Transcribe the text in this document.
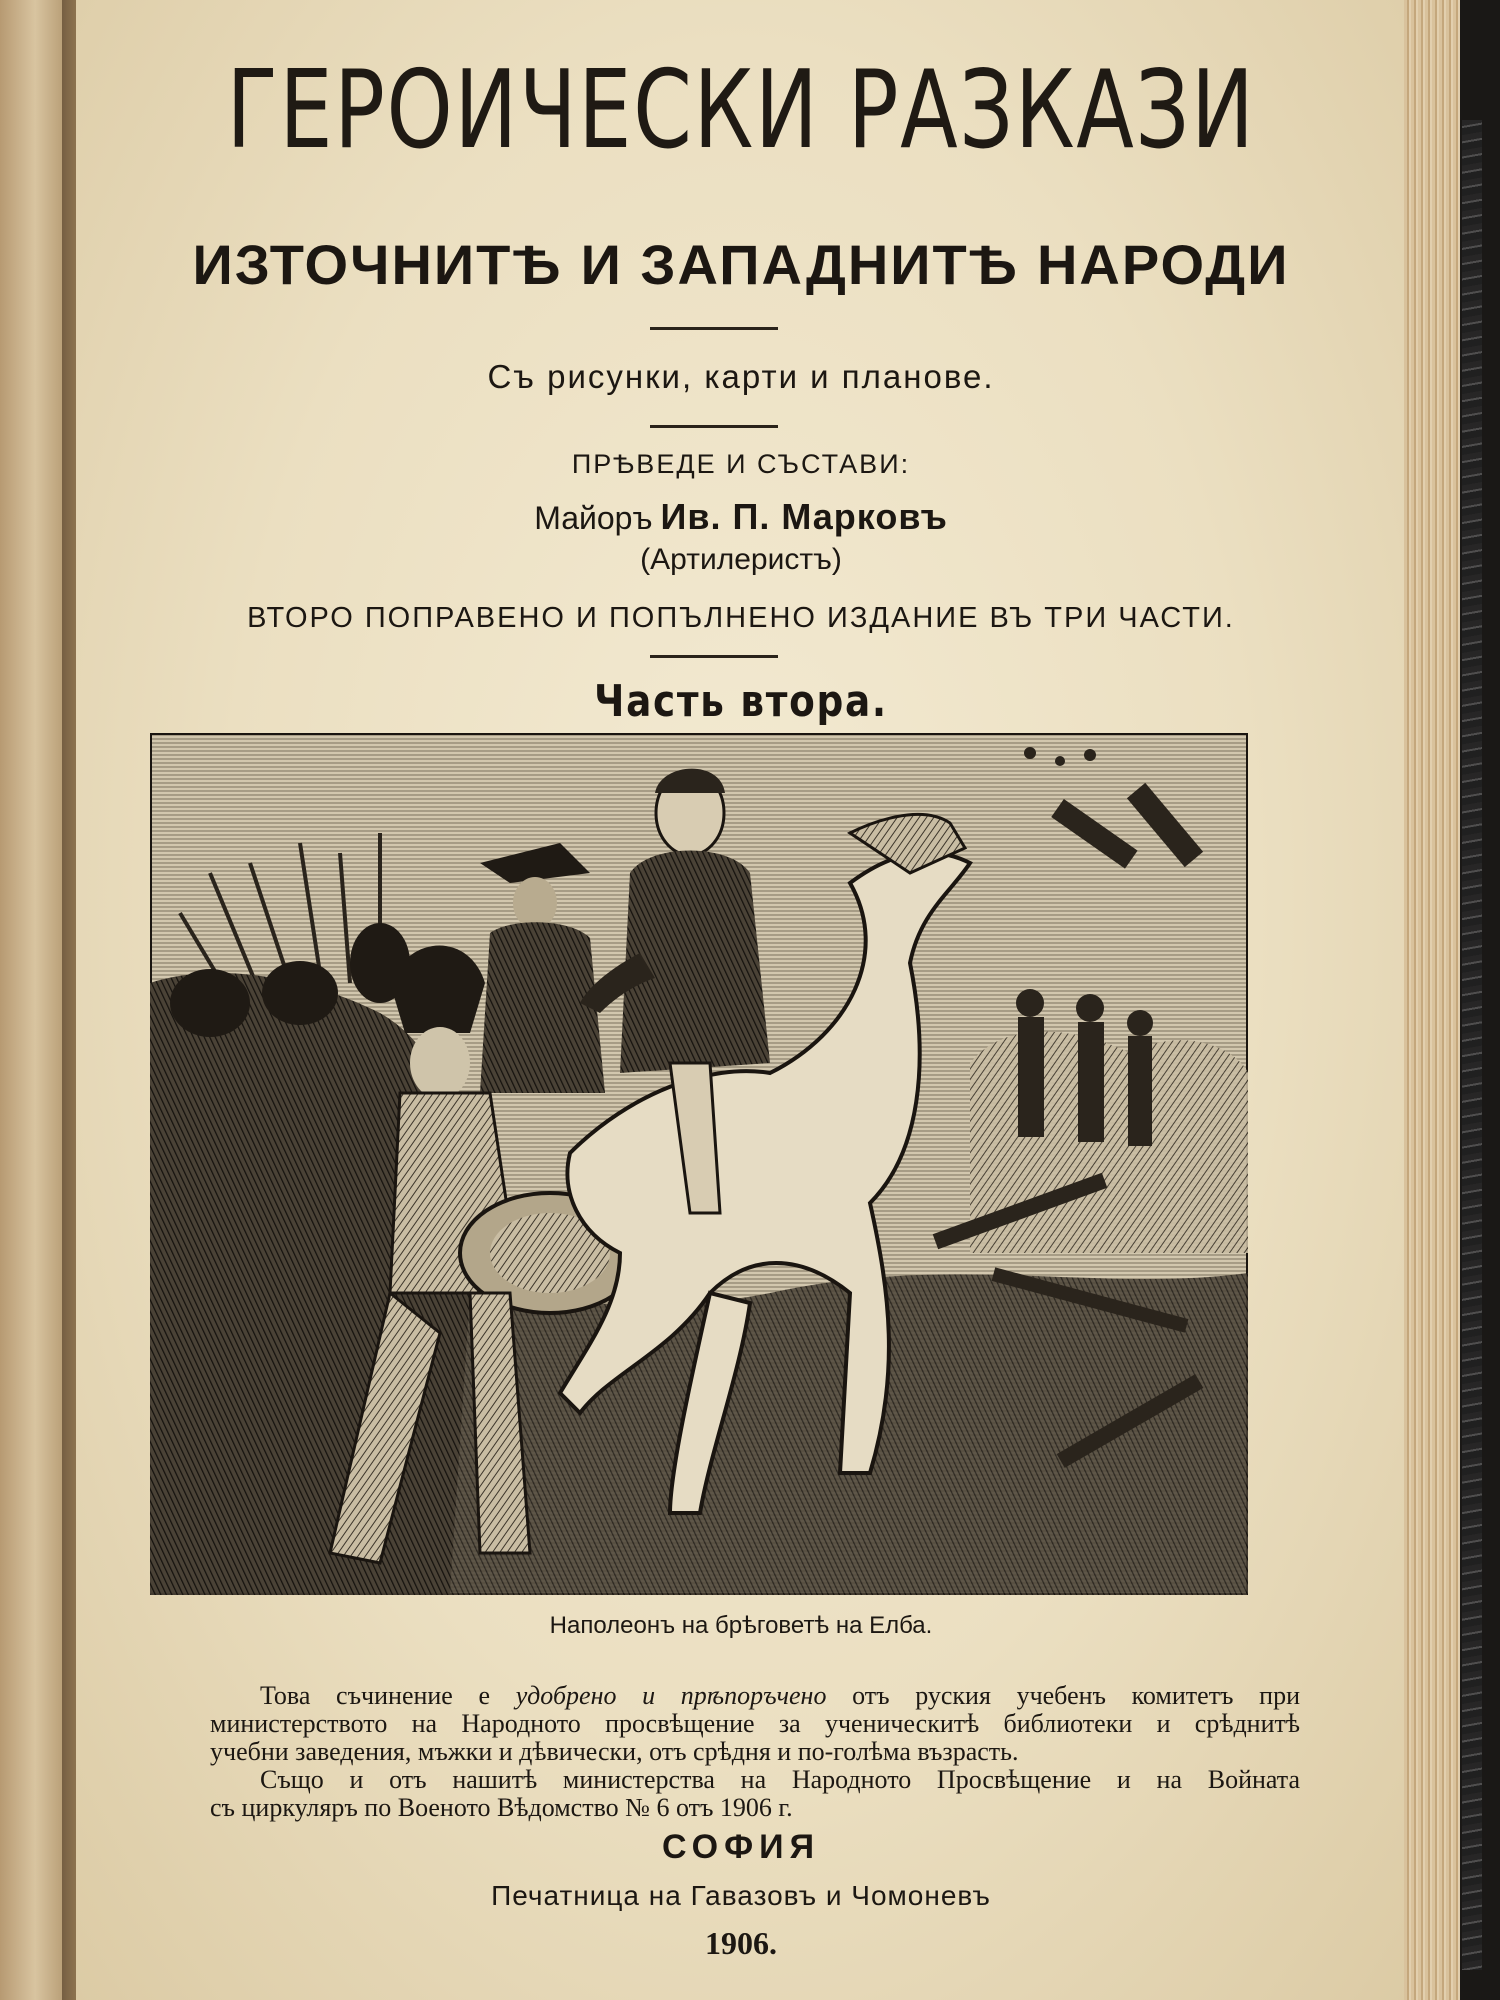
ГЕРОИЧЕСКИ РАЗКАЗИ
ИЗТОЧНИТѢ И ЗАПАДНИТѢ НАРОДИ
Съ рисунки, карти и планове.
ПРѢВЕДЕ И СЪСТАВИ:
Майоръ Ив. П. Марковъ
(Артилеристъ)
ВТОРО ПОПРАВЕНО И ПОПЪЛНЕНО ИЗДАНИЕ ВЪ ТРИ ЧАСТИ.
Часть втора.
Наполеонъ на брѣговетѣ на Елба.
Това съчинение е удобрено и прѣпоръчено отъ руския учебенъ комитетъ при
министерството на Народното просвѣщение за ученическитѣ библиотеки и срѣднитѣ
учебни заведения, мъжки и дѣвически, отъ срѣдня и по-голѣма възрасть.
Също и отъ нашитѣ министерства на Народното Просвѣщение и на Войната
съ циркуляръ по Военото Вѣдомство № 6 отъ 1906 г.
СОФИЯ
Печатница на Гавазовъ и Чомоневъ
1906.
